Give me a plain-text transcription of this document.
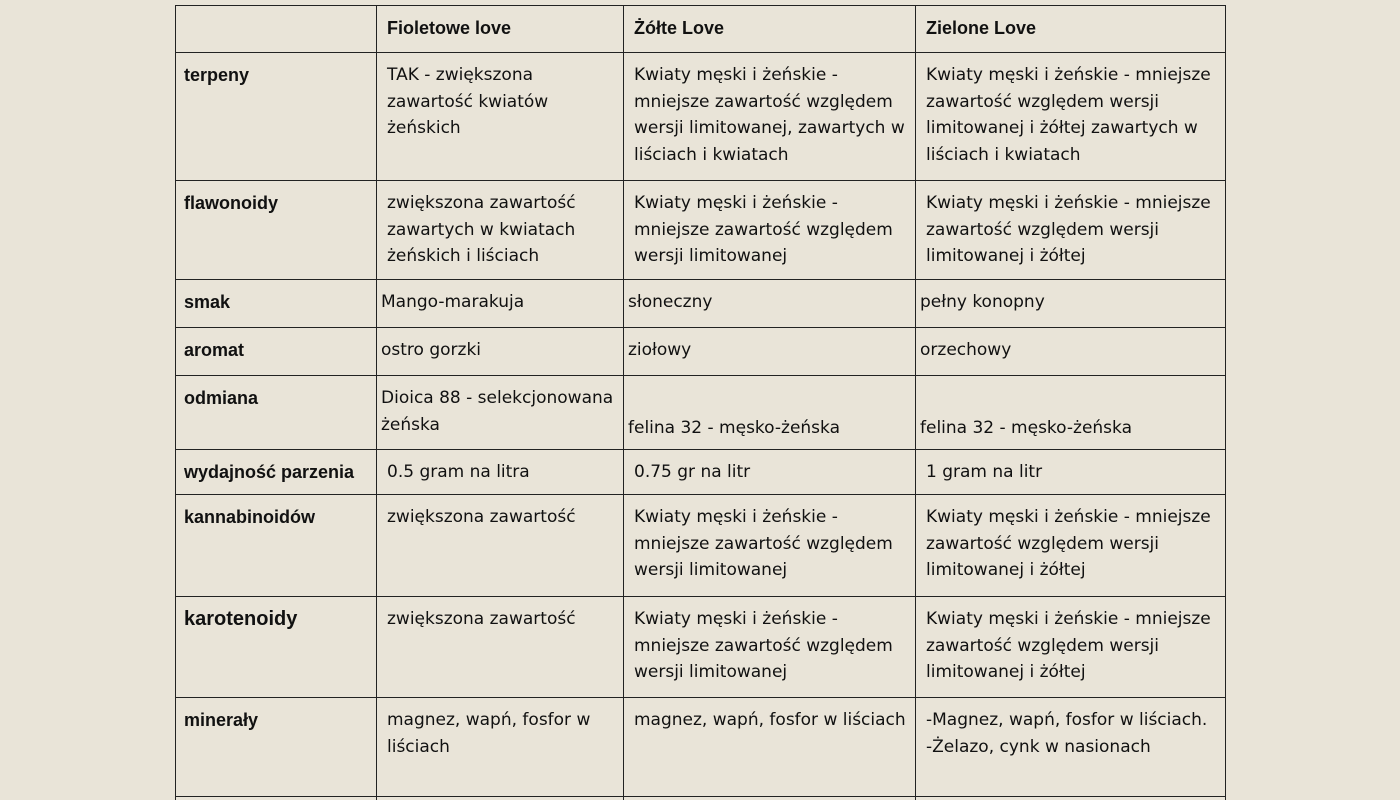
	Fioletowe love	Żółte Love	Zielone Love
terpeny	TAK - zwiększona zawartość kwiatów żeńskich	Kwiaty męski i żeńskie - mniejsze zawartość względem wersji limitowanej, zawartych w liściach i kwiatach	Kwiaty męski i żeńskie - mniejsze zawartość względem wersji limitowanej i żółtej zawartych w liściach i kwiatach
flawonoidy	zwiększona zawartość zawartych w kwiatach żeńskich i liściach	Kwiaty męski i żeńskie - mniejsze zawartość względem wersji limitowanej	Kwiaty męski i żeńskie - mniejsze zawartość względem wersji limitowanej i żółtej
smak	Mango-marakuja	słoneczny	pełny konopny
aromat	ostro gorzki	ziołowy	orzechowy
odmiana	Dioica 88 - selekcjonowana żeńska	felina 32 - męsko-żeńska	felina 32 - męsko-żeńska
wydajność parzenia	0.5 gram na litra	0.75 gr na litr	1 gram na litr
kannabinoidów	zwiększona zawartość	Kwiaty męski i żeńskie - mniejsze zawartość względem wersji limitowanej	Kwiaty męski i żeńskie - mniejsze zawartość względem wersji limitowanej i żółtej
karotenoidy	zwiększona zawartość	Kwiaty męski i żeńskie - mniejsze zawartość względem wersji limitowanej	Kwiaty męski i żeńskie - mniejsze zawartość względem wersji limitowanej i żółtej
minerały	magnez, wapń, fosfor w liściach	magnez, wapń, fosfor w liściach	-Magnez, wapń, fosfor w liściach. -Żelazo, cynk w nasionach
